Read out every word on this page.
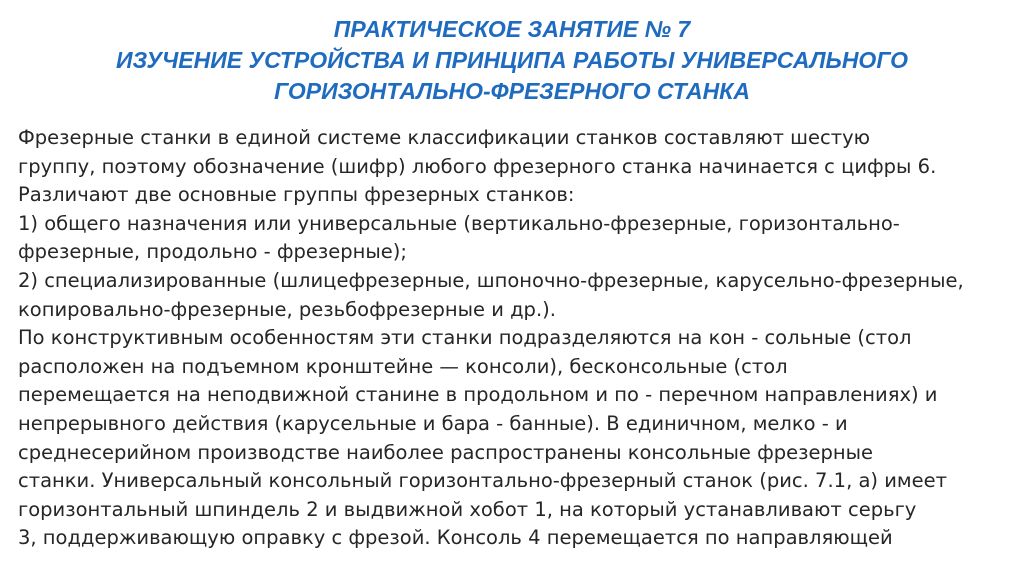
ПРАКТИЧЕСКОЕ ЗАНЯТИЕ № 7
ИЗУЧЕНИЕ УСТРОЙСТВА И ПРИНЦИПА РАБОТЫ УНИВЕРСАЛЬНОГО
ГОРИЗОНТАЛЬНО-ФРЕЗЕРНОГО СТАНКА

Фрезерные станки в единой системе классификации станков составляют шестую
группу, поэтому обозначение (шифр) любого фрезерного станка начинается с цифры 6.
Различают две основные группы фрезерных станков:
1) общего назначения или универсальные (вертикально-фрезерные, горизонтально-
фрезерные, продольно - фрезерные);
2) специализированные (шлицефрезерные, шпоночно-фрезерные, карусельно-фрезерные,
копировально-фрезерные, резьбофрезерные и др.).
По конструктивным особенностям эти станки подразделяются на кон - сольные (стол
расположен на подъемном кронштейне — консоли), бесконсольные (стол
перемещается на неподвижной станине в продольном и по - перечном направлениях) и
непрерывного действия (карусельные и бара - банные). В единичном, мелко - и
среднесерийном производстве наиболее распространены консольные фрезерные
станки. Универсальный консольный горизонтально-фрезерный станок (рис. 7.1, а) имеет
горизонтальный шпиндель 2 и выдвижной хобот 1, на который устанавливают серьгу
3, поддерживающую оправку с фрезой. Консоль 4 перемещается по направляющей
